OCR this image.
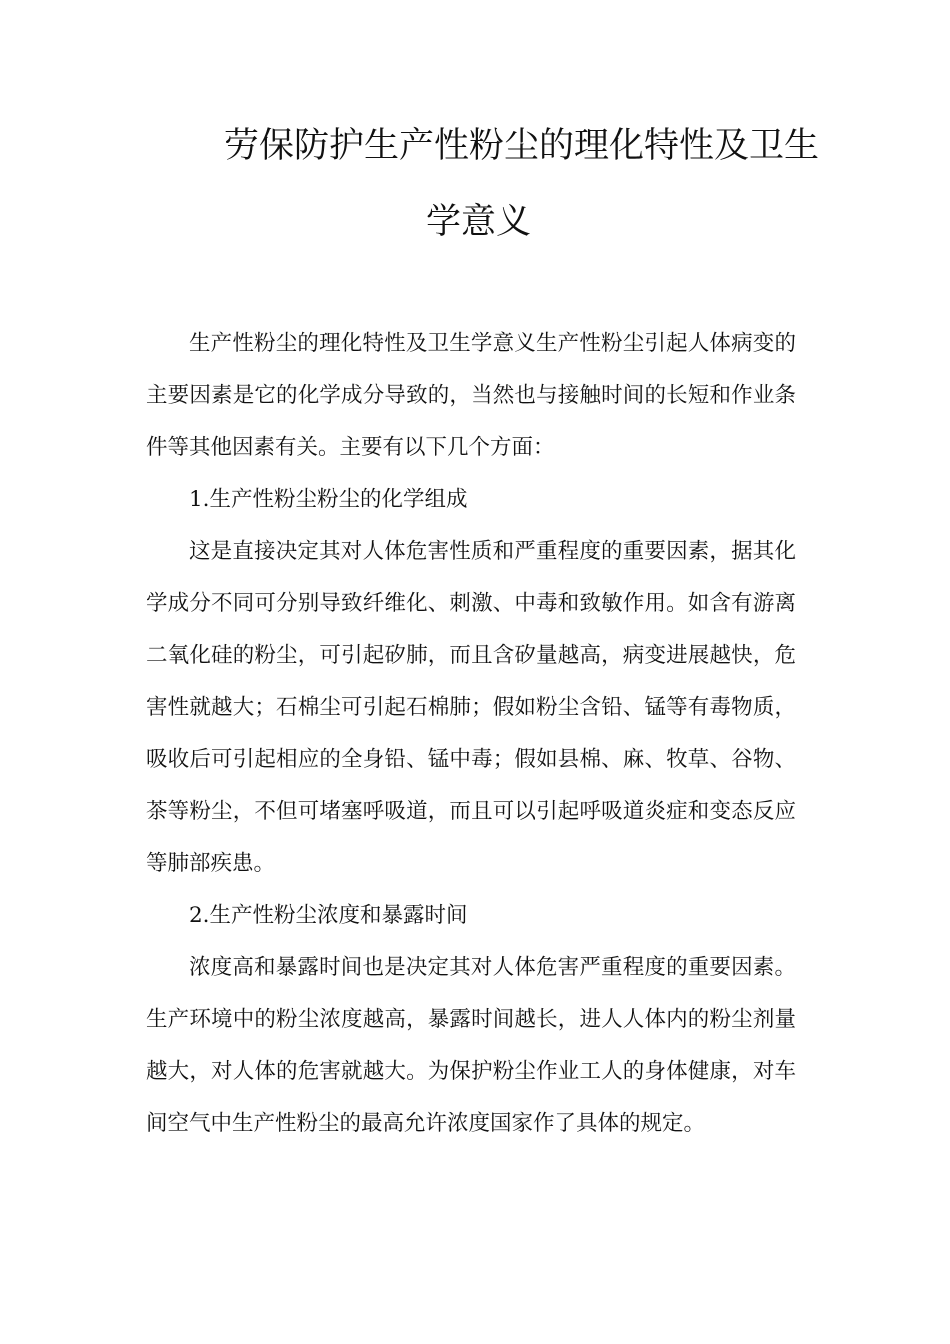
劳保防护生产性粉尘的理化特性及卫生
学意义

生产性粉尘的理化特性及卫生学意义生产性粉尘引起人体病变的主要因素是它的化学成分导致的，当然也与接触时间的长短和作业条件等其他因素有关。主要有以下几个方面：

1.生产性粉尘粉尘的化学组成

这是直接决定其对人体危害性质和严重程度的重要因素，据其化学成分不同可分别导致纤维化、刺激、中毒和致敏作用。如含有游离二氧化硅的粉尘，可引起矽肺，而且含矽量越高，病变进展越快，危害性就越大；石棉尘可引起石棉肺；假如粉尘含铅、锰等有毒物质，吸收后可引起相应的全身铅、锰中毒；假如县棉、麻、牧草、谷物、茶等粉尘，不但可堵塞呼吸道，而且可以引起呼吸道炎症和变态反应等肺部疾患。

2.生产性粉尘浓度和暴露时间

浓度高和暴露时间也是决定其对人体危害严重程度的重要因素。生产环境中的粉尘浓度越高，暴露时间越长，进人人体内的粉尘剂量越大，对人体的危害就越大。为保护粉尘作业工人的身体健康，对车间空气中生产性粉尘的最高允许浓度国家作了具体的规定。
